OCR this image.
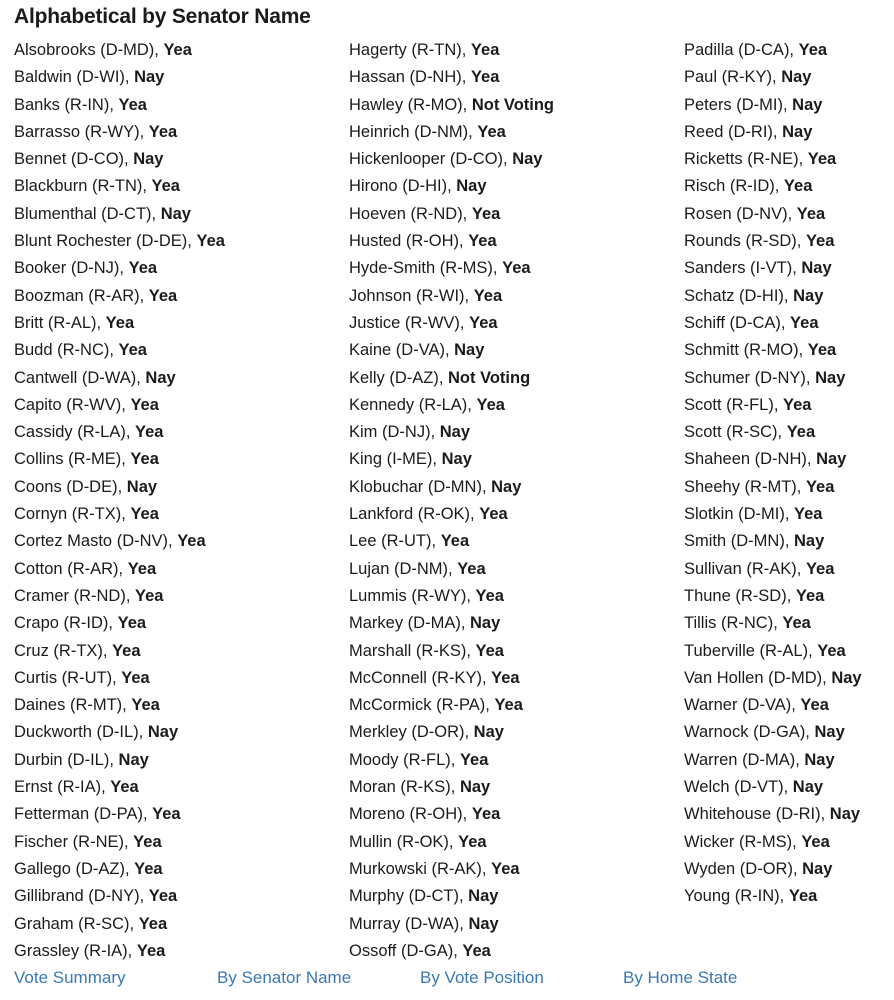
Alphabetical by Senator Name
Alsobrooks (D-MD), Yea
Baldwin (D-WI), Nay
Banks (R-IN), Yea
Barrasso (R-WY), Yea
Bennet (D-CO), Nay
Blackburn (R-TN), Yea
Blumenthal (D-CT), Nay
Blunt Rochester (D-DE), Yea
Booker (D-NJ), Yea
Boozman (R-AR), Yea
Britt (R-AL), Yea
Budd (R-NC), Yea
Cantwell (D-WA), Nay
Capito (R-WV), Yea
Cassidy (R-LA), Yea
Collins (R-ME), Yea
Coons (D-DE), Nay
Cornyn (R-TX), Yea
Cortez Masto (D-NV), Yea
Cotton (R-AR), Yea
Cramer (R-ND), Yea
Crapo (R-ID), Yea
Cruz (R-TX), Yea
Curtis (R-UT), Yea
Daines (R-MT), Yea
Duckworth (D-IL), Nay
Durbin (D-IL), Nay
Ernst (R-IA), Yea
Fetterman (D-PA), Yea
Fischer (R-NE), Yea
Gallego (D-AZ), Yea
Gillibrand (D-NY), Yea
Graham (R-SC), Yea
Grassley (R-IA), Yea
Hagerty (R-TN), Yea
Hassan (D-NH), Yea
Hawley (R-MO), Not Voting
Heinrich (D-NM), Yea
Hickenlooper (D-CO), Nay
Hirono (D-HI), Nay
Hoeven (R-ND), Yea
Husted (R-OH), Yea
Hyde-Smith (R-MS), Yea
Johnson (R-WI), Yea
Justice (R-WV), Yea
Kaine (D-VA), Nay
Kelly (D-AZ), Not Voting
Kennedy (R-LA), Yea
Kim (D-NJ), Nay
King (I-ME), Nay
Klobuchar (D-MN), Nay
Lankford (R-OK), Yea
Lee (R-UT), Yea
Lujan (D-NM), Yea
Lummis (R-WY), Yea
Markey (D-MA), Nay
Marshall (R-KS), Yea
McConnell (R-KY), Yea
McCormick (R-PA), Yea
Merkley (D-OR), Nay
Moody (R-FL), Yea
Moran (R-KS), Nay
Moreno (R-OH), Yea
Mullin (R-OK), Yea
Murkowski (R-AK), Yea
Murphy (D-CT), Nay
Murray (D-WA), Nay
Ossoff (D-GA), Yea
Padilla (D-CA), Yea
Paul (R-KY), Nay
Peters (D-MI), Nay
Reed (D-RI), Nay
Ricketts (R-NE), Yea
Risch (R-ID), Yea
Rosen (D-NV), Yea
Rounds (R-SD), Yea
Sanders (I-VT), Nay
Schatz (D-HI), Nay
Schiff (D-CA), Yea
Schmitt (R-MO), Yea
Schumer (D-NY), Nay
Scott (R-FL), Yea
Scott (R-SC), Yea
Shaheen (D-NH), Nay
Sheehy (R-MT), Yea
Slotkin (D-MI), Yea
Smith (D-MN), Nay
Sullivan (R-AK), Yea
Thune (R-SD), Yea
Tillis (R-NC), Yea
Tuberville (R-AL), Yea
Van Hollen (D-MD), Nay
Warner (D-VA), Yea
Warnock (D-GA), Nay
Warren (D-MA), Nay
Welch (D-VT), Nay
Whitehouse (D-RI), Nay
Wicker (R-MS), Yea
Wyden (D-OR), Nay
Young (R-IN), Yea
Vote Summary	By Senator Name	By Vote Position	By Home State
